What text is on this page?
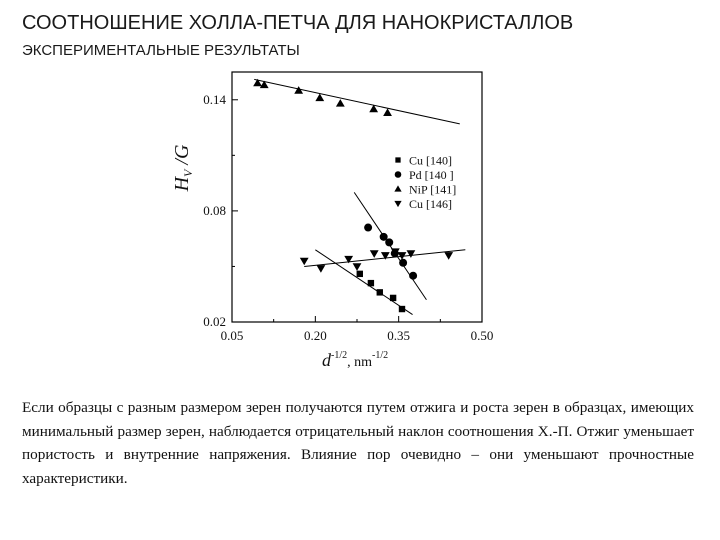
СООТНОШЕНИЕ ХОЛЛА-ПЕТЧА ДЛЯ НАНОКРИСТАЛЛОВ
ЭКСПЕРИМЕНТАЛЬНЫЕ РЕЗУЛЬТАТЫ
0.05	0.20	0.35	0.50
0.02
0.08
0.14
Cu [140]
Pd [140 ]
NiP [141]
Cu [146]
$H_V$ /G
$d^{-1/2}_{, nm}^{-1/2}$

Если образцы с разным размером зерен получаются путем отжига и роста зерен в образцах, имеющих минимальный размер зерен, наблюдается отрицательный наклон соотношения Х.-П. Отжиг уменьшает пористость и внутренние напряжения. Влияние пор очевидно – они уменьшают прочностные характеристики.
